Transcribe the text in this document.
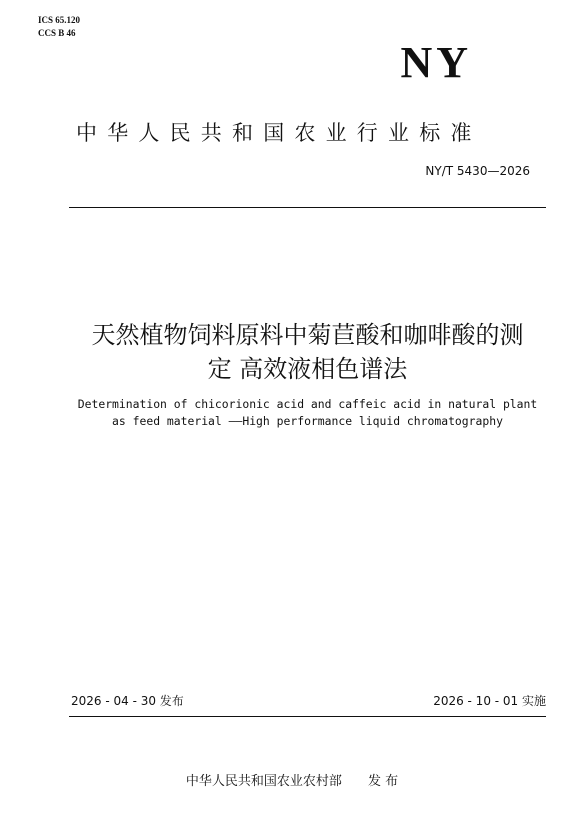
ICS 65.120
CCS B 46
NY
中华人民共和国农业行业标准
NY/T 5430—2026
天然植物饲料原料中菊苣酸和咖啡酸的测
定 高效液相色谱法
Determination of chicorionic acid and caffeic acid in natural plant
as feed material ——High performance liquid chromatography
2026 - 04 - 30 发布	2026 - 10 - 01 实施
中华人民共和国农业农村部 发 布
